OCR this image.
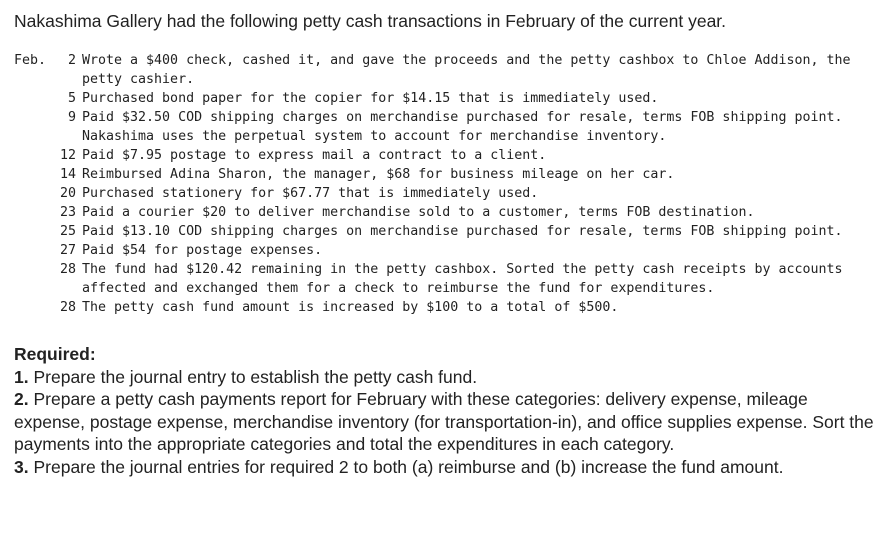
Nakashima Gallery had the following petty cash transactions in February of the current year.

Feb.	2 Wrote a $400 check, cashed it, and gave the proceeds and the petty cashbox to Chloe Addison, the petty cashier.
5 Purchased bond paper for the copier for $14.15 that is immediately used.
9 Paid $32.50 COD shipping charges on merchandise purchased for resale, terms FOB shipping point. Nakashima uses the perpetual system to account for merchandise inventory.
12 Paid $7.95 postage to express mail a contract to a client.
14 Reimbursed Adina Sharon, the manager, $68 for business mileage on her car.
20 Purchased stationery for $67.77 that is immediately used.
23 Paid a courier $20 to deliver merchandise sold to a customer, terms FOB destination.
25 Paid $13.10 COD shipping charges on merchandise purchased for resale, terms FOB shipping point.
27 Paid $54 for postage expenses.
28 The fund had $120.42 remaining in the petty cashbox. Sorted the petty cash receipts by accounts affected and exchanged them for a check to reimburse the fund for expenditures.
28 The petty cash fund amount is increased by $100 to a total of $500.
Required:
1. Prepare the journal entry to establish the petty cash fund.
2. Prepare a petty cash payments report for February with these categories: delivery expense, mileage expense, postage expense, merchandise inventory (for transportation-in), and office supplies expense. Sort the payments into the appropriate categories and total the expenditures in each category.
3. Prepare the journal entries for required 2 to both (a) reimburse and (b) increase the fund amount.
